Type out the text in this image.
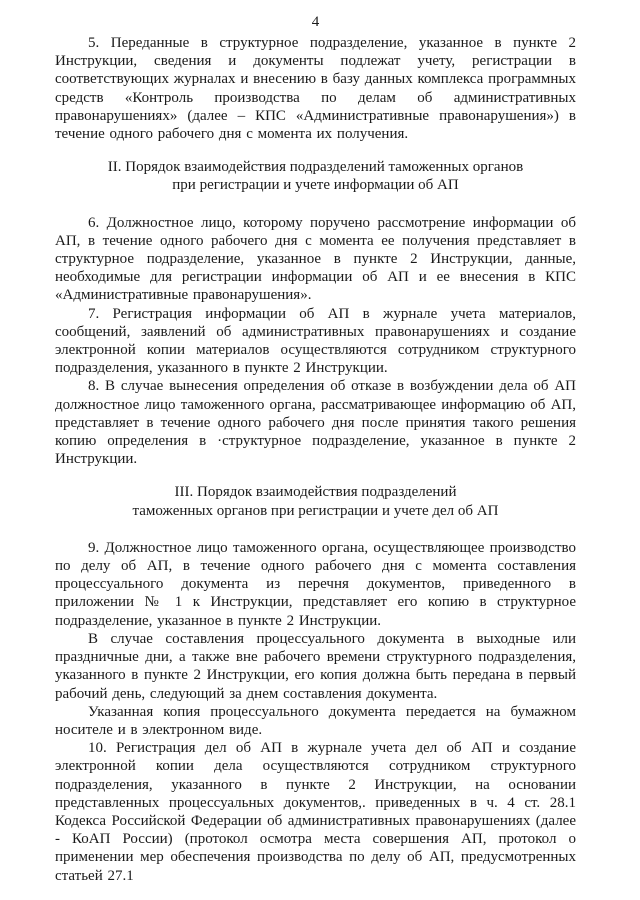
4

5. Переданные в структурное подразделение, указанное в пункте 2 Инструкции, сведения и документы подлежат учету, регистрации в соответствующих журналах и внесению в базу данных комплекса программных средств «Контроль производства по делам об административных правонарушениях» (далее – КПС «Административные правонарушения») в течение одного рабочего дня с момента их получения.

II. Порядок взаимодействия подразделений таможенных органов
при регистрации и учете информации об АП

6. Должностное лицо, которому поручено рассмотрение информации об АП, в течение одного рабочего дня с момента ее получения представляет в структурное подразделение, указанное в пункте 2 Инструкции, данные, необходимые для регистрации информации об АП и ее внесения в КПС «Административные правонарушения».

7. Регистрация информации об АП в журнале учета материалов, сообщений, заявлений об административных правонарушениях и создание электронной копии материалов осуществляются сотрудником структурного подразделения, указанного в пункте 2 Инструкции.

8. В случае вынесения определения об отказе в возбуждении дела об АП должностное лицо таможенного органа, рассматривающее информацию об АП, представляет в течение одного рабочего дня после принятия такого решения копию определения в ·структурное подразделение, указанное в пункте 2 Инструкции.

III. Порядок взаимодействия подразделений
таможенных органов при регистрации и учете дел об АП

9. Должностное лицо таможенного органа, осуществляющее производство по делу об АП, в течение одного рабочего дня с момента составления процессуального документа из перечня документов, приведенного в приложении № 1 к Инструкции, представляет его копию в структурное подразделение, указанное в пункте 2 Инструкции.

В случае составления процессуального документа в выходные или праздничные дни, а также вне рабочего времени структурного подразделения, указанного в пункте 2 Инструкции, его копия должна быть передана в первый рабочий день, следующий за днем составления документа.

Указанная копия процессуального документа передается на бумажном носителе и в электронном виде.

10. Регистрация дел об АП в журнале учета дел об АП и создание электронной копии дела осуществляются сотрудником структурного подразделения, указанного в пункте 2 Инструкции, на основании представленных процессуальных документов,. приведенных в ч. 4 ст. 28.1 Кодекса Российской Федерации об административных правонарушениях (далее - КоАП России) (протокол осмотра места совершения АП, протокол о применении мер обеспечения производства по делу об АП, предусмотренных статьей 27.1
